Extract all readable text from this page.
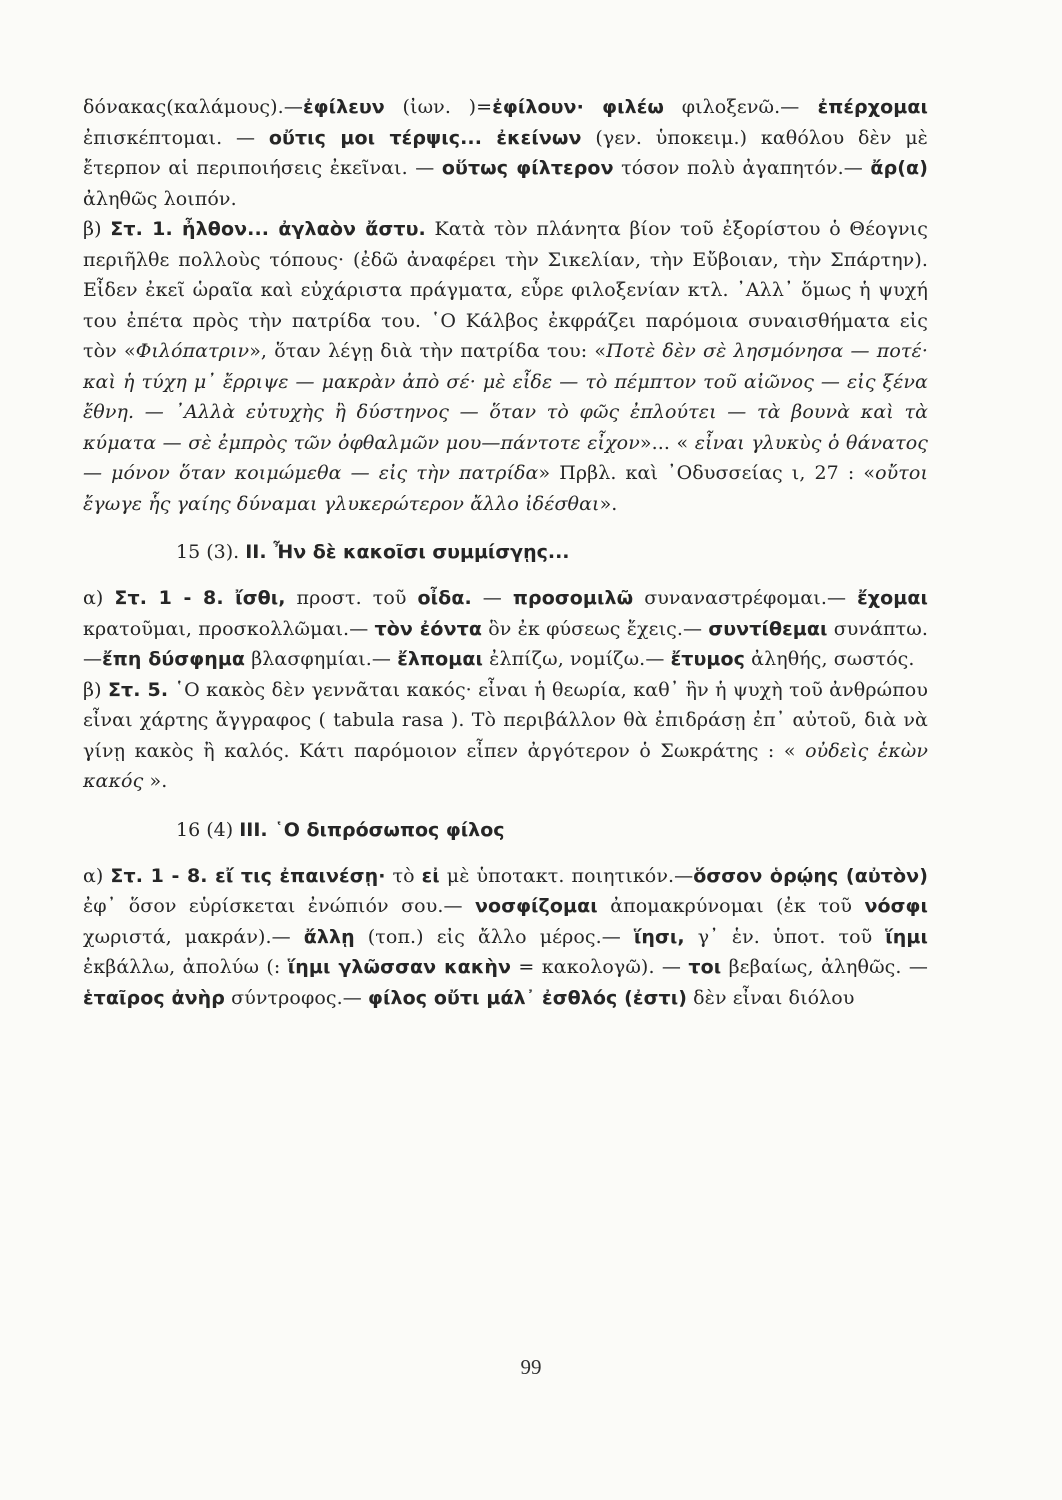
δόνακας(καλάμους).—ἐφίλευν (ἰων. )=ἐφίλουν· φιλέω φιλοξενῶ.— ἐπέρχομαι ἐπισκέπτομαι. — οὔτις μοι τέρψις... ἐκείνων (γεν. ὑποκειμ.) καθόλου δὲν μὲ ἔτερπον αἱ περιποιήσεις ἐκεῖναι. — οὕτως φίλτερον τόσον πολὺ ἀγαπητόν.— ἄρ(α) ἀληθῶς λοιπόν.

β) Στ. 1. ἦλθον... ἀγλαὸν ἄστυ. Κατὰ τὸν πλάνητα βίον τοῦ ἐξορίστου ὁ Θέογνις περιῆλθε πολλοὺς τόπους· (ἐδῶ ἀναφέρει τὴν Σικελίαν, τὴν Εὔβοιαν, τὴν Σπάρτην). Εἶδεν ἐκεῖ ὡραῖα καὶ εὐχάριστα πράγματα, εὗρε φιλοξενίαν κτλ. ᾿Αλλ᾿ ὅμως ἡ ψυχή του ἐπέτα πρὸς τὴν πατρίδα του. ῾Ο Κάλβος ἐκφράζει παρόμοια συναισθήματα εἰς τὸν «Φιλόπατριν», ὅταν λέγῃ διὰ τὴν πατρίδα του: «Ποτὲ δὲν σὲ λησμόνησα — ποτέ· καὶ ἡ τύχη μ᾿ ἔρριψε — μακρὰν ἀπὸ σέ· μὲ εἶδε — τὸ πέμπτον τοῦ αἰῶνος — εἰς ξένα ἔθνη. — ᾿Αλλὰ εὐτυχὴς ἢ δύστηνος — ὅταν τὸ φῶς ἐπλούτει — τὰ βουνὰ καὶ τὰ κύματα — σὲ ἐμπρὸς τῶν ὀφθαλμῶν μου—πάντοτε εἶχον»... « εἶναι γλυκὺς ὁ θάνατος — μόνον ὅταν κοιμώμεθα — εἰς τὴν πατρίδα» Πρβλ. καὶ ᾿Οδυσσείας ι, 27 : «οὔτοι ἔγωγε ἧς γαίης δύναμαι γλυκερώτερον ἄλλο ἰδέσθαι».

15 (3). II. Ἦν δὲ κακοῖσι συμμίσγῃς...

α) Στ. 1 - 8. ἴσθι, προστ. τοῦ οἶδα. — προσομιλῶ συναναστρέφομαι.— ἔχομαι κρατοῦμαι, προσκολλῶμαι.— τὸν ἐόντα ὃν ἐκ φύσεως ἔχεις.— συντίθεμαι συνάπτω.—ἔπη δύσφημα βλασφημίαι.— ἔλπομαι ἐλπίζω, νομίζω.— ἔτυμος ἀληθής, σωστός.

β) Στ. 5. ῾Ο κακὸς δὲν γεννᾶται κακός· εἶναι ἡ θεωρία, καθ᾿ ἣν ἡ ψυχὴ τοῦ ἀνθρώπου εἶναι χάρτης ἄγγραφος ( tabula rasa ). Τὸ περιβάλλον θὰ ἐπιδράσῃ ἐπ᾿ αὐτοῦ, διὰ νὰ γίνῃ κακὸς ἢ καλός. Κάτι παρόμοιον εἶπεν ἀργότερον ὁ Σωκράτης : « οὐδεὶς ἑκὼν κακός ».

16 (4) III. ῾Ο διπρόσωπος φίλος

α) Στ. 1 - 8. εἴ τις ἐπαινέσῃ· τὸ εἰ μὲ ὑποτακτ. ποιητικόν.—ὅσσον ὁρῴης (αὐτὸν) ἐφ᾿ ὅσον εὑρίσκεται ἐνώπιόν σου.— νοσφίζομαι ἀπομακρύνομαι (ἐκ τοῦ νόσφι χωριστά, μακράν).— ἄλλῃ (τοπ.) εἰς ἄλλο μέρος.— ἵησι, γ᾿ ἑν. ὑποτ. τοῦ ἵημι ἐκβάλλω, ἀπολύω (: ἵημι γλῶσσαν κακὴν = κακολογῶ). — τοι βεβαίως, ἀληθῶς. — ἑταῖρος ἀνὴρ σύντροφος.— φίλος οὔτι μάλ᾿ ἐσθλός (ἐστι) δὲν εἶναι διόλου

99
